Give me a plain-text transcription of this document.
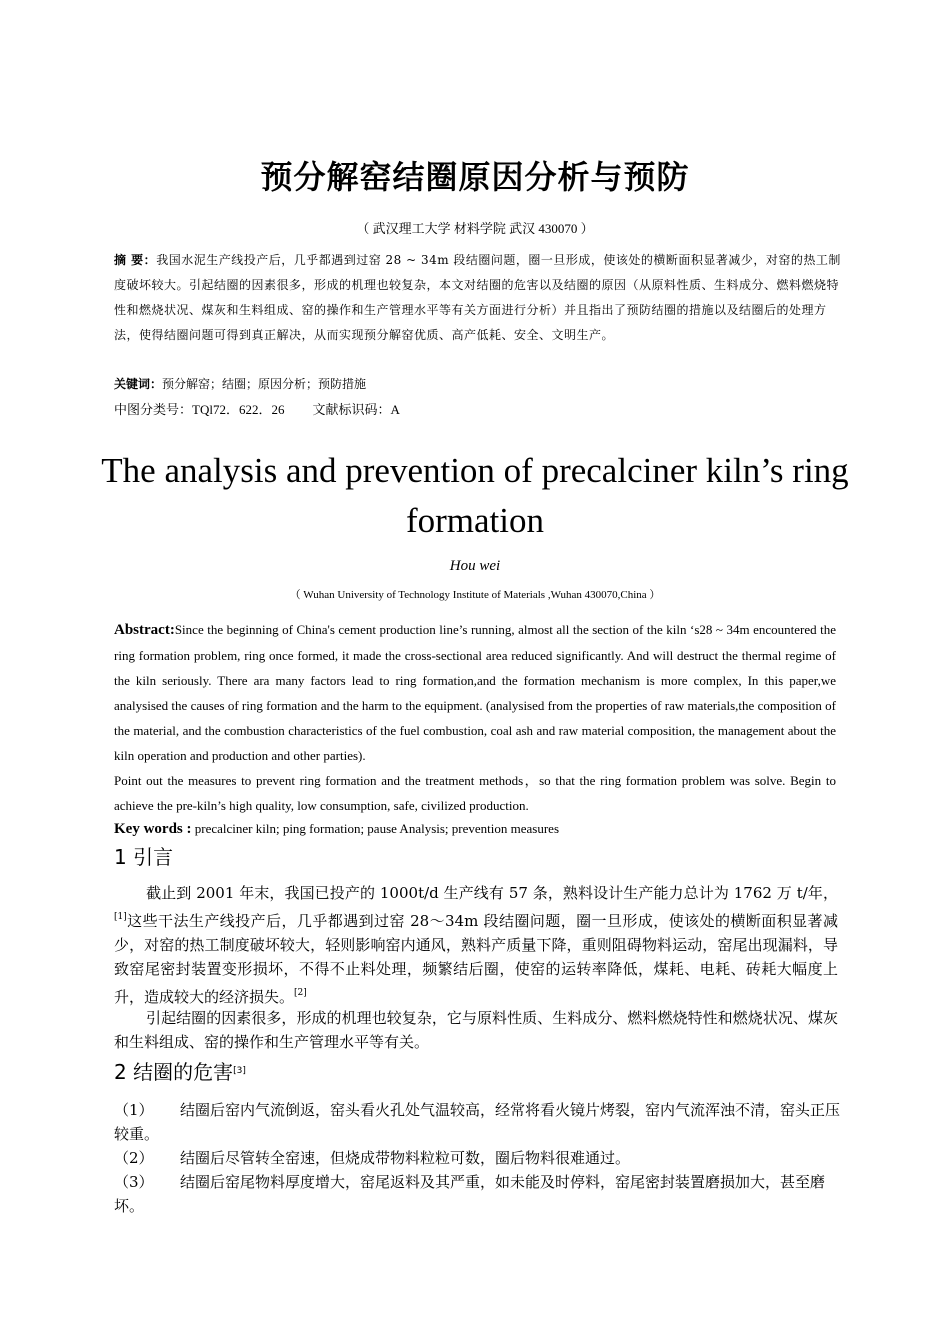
预分解窑结圈原因分析与预防
（ 武汉理工大学 材料学院 武汉 430070 ）
摘 要：我国水泥生产线投产后，几乎都遇到过窑 28 ~ 34m 段结圈问题，圈一旦形成，使该处的横断面积显著减少，对窑的热工制度破坏较大。引起结圈的因素很多，形成的机理也较复杂，本文对结圈的危害以及结圈的原因（从原料性质、生料成分、燃料燃烧特性和燃烧状况、煤灰和生料组成、窑的操作和生产管理水平等有关方面进行分析）并且指出了预防结圈的措施以及结圈后的处理方法，使得结圈问题可得到真正解决，从而实现预分解窑优质、高产低耗、安全、文明生产。
关键词：预分解窑；结圈；原因分析；预防措施
中图分类号：TQl72．622．26 文献标识码：A
The analysis and prevention of precalciner kiln’s ring formation
Hou wei
（ Wuhan University of Technology Institute of Materials ,Wuhan 430070,China ）
Abstract:Since the beginning of China's cement production line’s running, almost all the section of the kiln ‘s28 ~ 34m encountered the ring formation problem, ring once formed, it made the cross-sectional area reduced significantly. And will destruct the thermal regime of the kiln seriously. There ara many factors lead to ring formation,and the formation mechanism is more complex, In this paper,we analysised the causes of ring formation and the harm to the equipment. (analysised from the properties of raw materials,the composition of the material, and the combustion characteristics of the fuel combustion, coal ash and raw material composition, the management about the kiln operation and production and other parties).
Point out the measures to prevent ring formation and the treatment methods，so that the ring formation problem was solve. Begin to achieve the pre-kiln’s high quality, low consumption, safe, civilized production.
Key words : precalciner kiln; ping formation; pause Analysis; prevention measures
1 引言
截止到 2001 年末，我国已投产的 1000t/d 生产线有 57 条，熟料设计生产能力总计为 1762 万 t/年，[1]这些干法生产线投产后，几乎都遇到过窑 28～34m 段结圈问题，圈一旦形成，使该处的横断面积显著减少，对窑的热工制度破坏较大，轻则影响窑内通风，熟料产质量下降，重则阻碍物料运动，窑尾出现漏料，导致窑尾密封装置变形损坏，不得不止料处理，频繁结后圈，使窑的运转率降低，煤耗、电耗、砖耗大幅度上升，造成较大的经济损失。[2]
引起结圈的因素很多，形成的机理也较复杂，它与原料性质、生料成分、燃料燃烧特性和燃烧状况、煤灰和生料组成、窑的操作和生产管理水平等有关。
2 结圈的危害[3]
（1） 结圈后窑内气流倒返，窑头看火孔处气温较高，经常将看火镜片烤裂，窑内气流浑浊不清，窑头正压较重。
（2） 结圈后尽管转全窑速，但烧成带物料粒粒可数，圈后物料很难通过。
（3） 结圈后窑尾物料厚度增大，窑尾返料及其严重，如未能及时停料，窑尾密封装置磨损加大，甚至磨坏。
